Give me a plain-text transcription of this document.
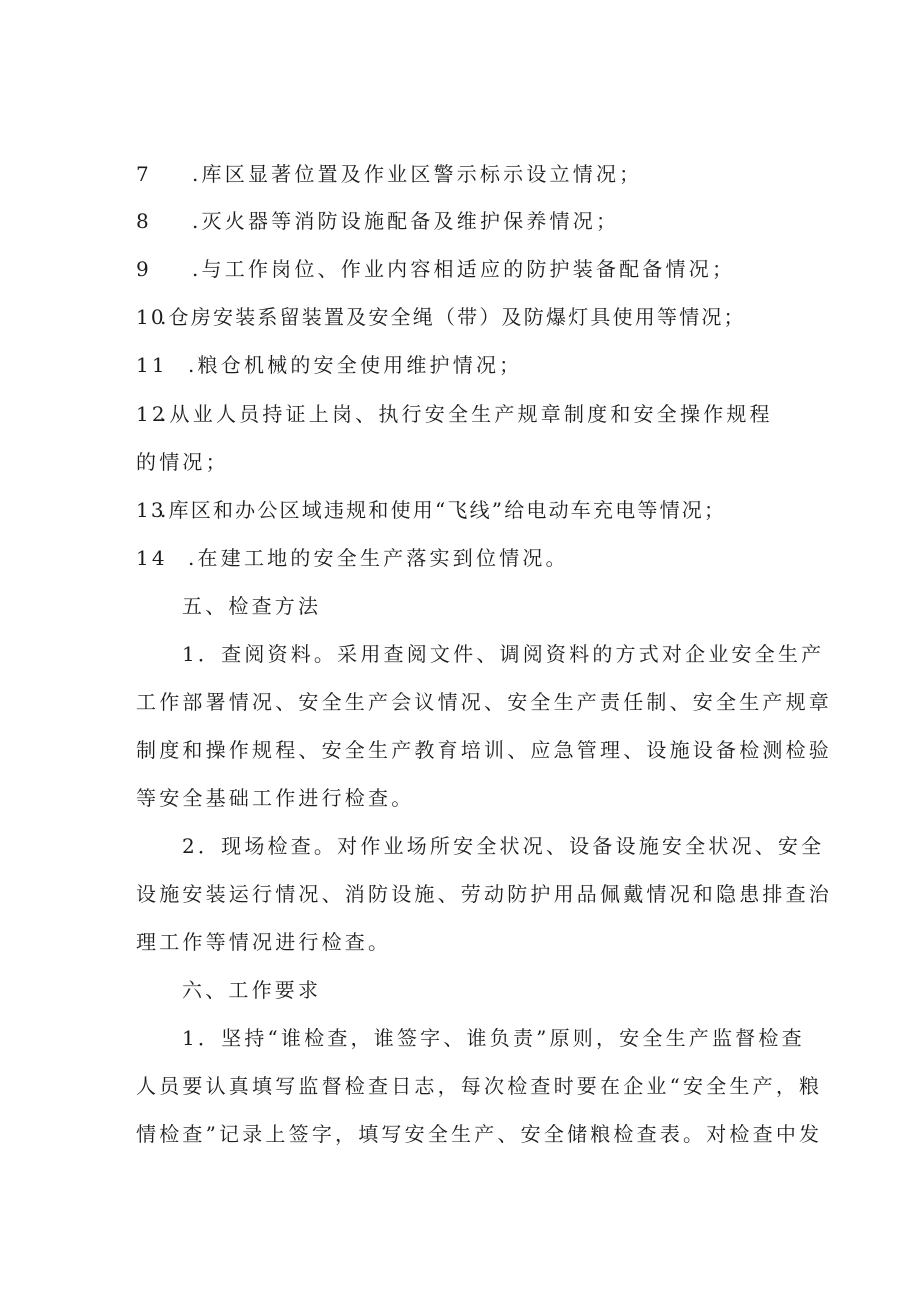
7 .库区显著位置及作业区警示标示设立情况；
8 .灭火器等消防设施配备及维护保养情况；
9 .与工作岗位、作业内容相适应的防护装备配备情况；
10.仓房安装系留装置及安全绳（带）及防爆灯具使用等情况；
11 .粮仓机械的安全使用维护情况；
12.从业人员持证上岗、执行安全生产规章制度和安全操作规程
的情况；
13.库区和办公区域违规和使用“飞线”给电动车充电等情况；
14 .在建工地的安全生产落实到位情况。
五、检查方法
1．查阅资料。采用查阅文件、调阅资料的方式对企业安全生产
工作部署情况、安全生产会议情况、安全生产责任制、安全生产规章
制度和操作规程、安全生产教育培训、应急管理、设施设备检测检验
等安全基础工作进行检查。
2．现场检查。对作业场所安全状况、设备设施安全状况、安全
设施安装运行情况、消防设施、劳动防护用品佩戴情况和隐患排查治
理工作等情况进行检查。
六、工作要求
1．坚持“谁检查，谁签字、谁负责”原则，安全生产监督检查
人员要认真填写监督检查日志，每次检查时要在企业“安全生产，粮
情检查”记录上签字，填写安全生产、安全储粮检查表。对检查中发
